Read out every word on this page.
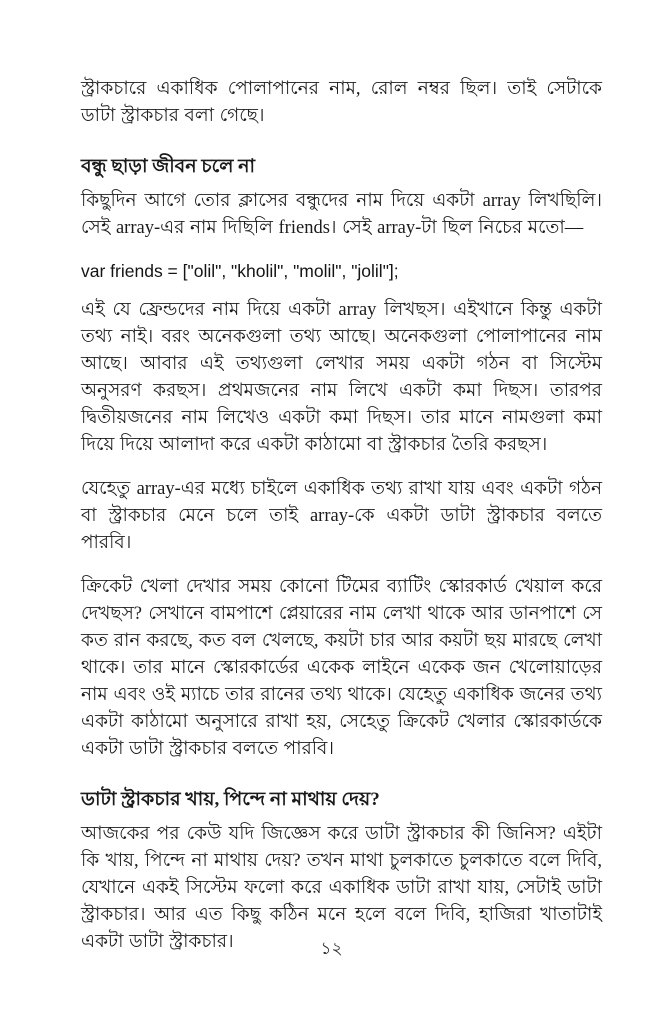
স্ট্রাকচারে একাধিক পোলাপানের নাম, রোল নম্বর ছিল। তাই সেটাকে ডাটা স্ট্রাকচার বলা গেছে।
বন্ধু ছাড়া জীবন চলে না
কিছুদিন আগে তোর ক্লাসের বন্ধুদের নাম দিয়ে একটা array লিখছিলি। সেই array-এর নাম দিছিলি friends। সেই array-টা ছিল নিচের মতো—
var friends = ["olil", "kholil", "molil", "jolil"];
এই যে ফ্রেন্ডদের নাম দিয়ে একটা array লিখছস। এইখানে কিন্তু একটা তথ্য নাই। বরং অনেকগুলা তথ্য আছে। অনেকগুলা পোলাপানের নাম আছে। আবার এই তথ্যগুলা লেখার সময় একটা গঠন বা সিস্টেম অনুসরণ করছস। প্রথমজনের নাম লিখে একটা কমা দিছস। তারপর দ্বিতীয়জনের নাম লিখেও একটা কমা দিছস। তার মানে নামগুলা কমা দিয়ে দিয়ে আলাদা করে একটা কাঠামো বা স্ট্রাকচার তৈরি করছস।
যেহেতু array-এর মধ্যে চাইলে একাধিক তথ্য রাখা যায় এবং একটা গঠন বা স্ট্রাকচার মেনে চলে তাই array-কে একটা ডাটা স্ট্রাকচার বলতে পারবি।
ক্রিকেট খেলা দেখার সময় কোনো টিমের ব্যাটিং স্কোরকার্ড খেয়াল করে দেখছস? সেখানে বামপাশে প্লেয়ারের নাম লেখা থাকে আর ডানপাশে সে কত রান করছে, কত বল খেলছে, কয়টা চার আর কয়টা ছয় মারছে লেখা থাকে। তার মানে স্কোরকার্ডের একেক লাইনে একেক জন খেলোয়াড়ের নাম এবং ওই ম্যাচে তার রানের তথ্য থাকে। যেহেতু একাধিক জনের তথ্য একটা কাঠামো অনুসারে রাখা হয়, সেহেতু ক্রিকেট খেলার স্কোরকার্ডকে একটা ডাটা স্ট্রাকচার বলতে পারবি।
ডাটা স্ট্রাকচার খায়, পিন্দে না মাথায় দেয়?
আজকের পর কেউ যদি জিজ্ঞেস করে ডাটা স্ট্রাকচার কী জিনিস? এইটা কি খায়, পিন্দে না মাথায় দেয়? তখন মাথা চুলকাতে চুলকাতে বলে দিবি, যেখানে একই সিস্টেম ফলো করে একাধিক ডাটা রাখা যায়, সেটাই ডাটা স্ট্রাকচার। আর এত কিছু কঠিন মনে হলে বলে দিবি, হাজিরা খাতাটাই একটা ডাটা স্ট্রাকচার।	১২
